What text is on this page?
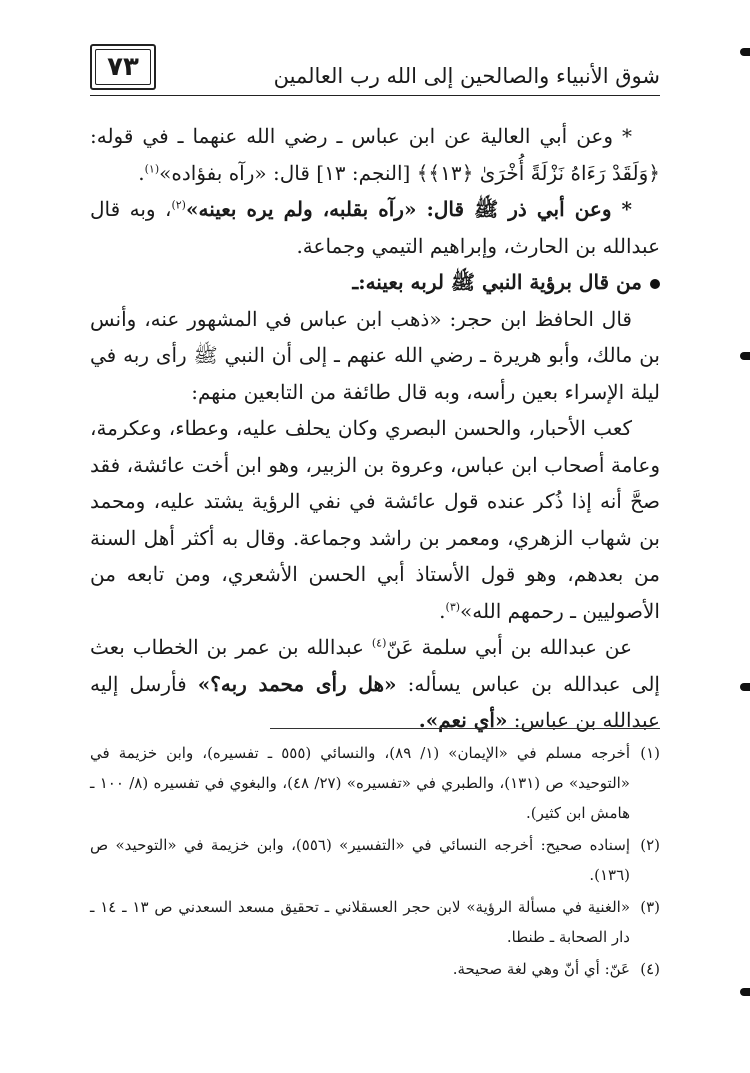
٧٣	شوق الأنبياء والصالحين إلى الله رب العالمين

* وعن أبي العالية عن ابن عباس ـ رضي الله عنهما ـ في قوله: ﴿وَلَقَدْ رَءَاهُ نَزْلَةً أُخْرَىٰ ﴿١٣﴾﴾ [النجم: ١٣] قال: «رآه بفؤاده»$^{(١)}$.

* وعن أبي ذر ﷺ قال: «رآه بقلبه، ولم يره بعينه»$^{(٢)}$، وبه قال عبدالله بن الحارث، وإبراهيم التيمي وجماعة.

من قال برؤية النبي ﷺ لربه بعينه:ـ

قال الحافظ ابن حجر: «ذهب ابن عباس في المشهور عنه، وأنس بن مالك، وأبو هريرة ـ رضي الله عنهم ـ إلى أن النبي ﷺ رأى ربه في ليلة الإسراء بعين رأسه، وبه قال طائفة من التابعين منهم:

كعب الأحبار، والحسن البصري وكان يحلف عليه، وعطاء، وعكرمة، وعامة أصحاب ابن عباس، وعروة بن الزبير، وهو ابن أخت عائشة، فقد صحَّ أنه إذا ذُكر عنده قول عائشة في نفي الرؤية يشتد عليه، ومحمد بن شهاب الزهري، ومعمر بن راشد وجماعة. وقال به أكثر أهل السنة من بعدهم، وهو قول الأستاذ أبي الحسن الأشعري، ومن تابعه من الأصوليين ـ رحمهم الله»$^{(٣)}$.

عن عبدالله بن أبي سلمة عَنّ$^{(٤)}$ عبدالله بن عمر بن الخطاب بعث إلى عبدالله بن عباس يسأله: «هل رأى محمد ربه؟» فأرسل إليه عبدالله بن عباس: «أي نعم».

(١)
أخرجه مسلم في «الإيمان» (١/ ٨٩)، والنسائي (٥٥٥ ـ تفسيره)، وابن خزيمة في «التوحيد» ص (١٣١)، والطبري في «تفسيره» (٢٧/ ٤٨)، والبغوي في تفسيره (٨/ ١٠٠ ـ هامش ابن كثير).

(٢)
إسناده صحيح: أخرجه النسائي في «التفسير» (٥٥٦)، وابن خزيمة في «التوحيد» ص (١٣٦).

(٣)
«الغنية في مسألة الرؤية» لابن حجر العسقلاني ـ تحقيق مسعد السعدني ص ١٣ ـ ١٤ ـ دار الصحابة ـ طنطا.

(٤)
عَنّ: أي أنّ وهي لغة صحيحة.
